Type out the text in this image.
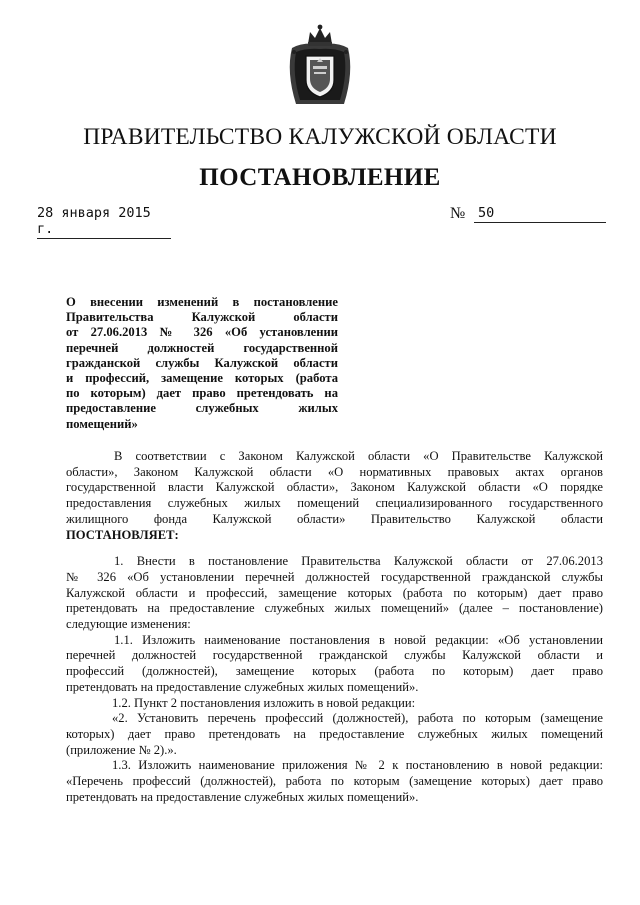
ПРАВИТЕЛЬСТВО КАЛУЖСКОЙ ОБЛАСТИ
ПОСТАНОВЛЕНИЕ
28 января 2015 г.
№ 50
О внесении изменений в постановление
Правительства Калужской области
от 27.06.2013 № 326 «Об установлении
перечней должностей государственной
гражданской службы Калужской области
и профессий, замещение которых (работа
по которым) дает право претендовать на
предоставление служебных жилых
помещений»
В соответствии с Законом Калужской области «О Правительстве Калужской
области», Законом Калужской области «О нормативных правовых актах органов
государственной власти Калужской области», Законом Калужской области «О порядке
предоставления служебных жилых помещений специализированного государственного
жилищного фонда Калужской области» Правительство Калужской области
ПОСТАНОВЛЯЕТ:
1. Внести в постановление Правительства Калужской области от 27.06.2013
№ 326 «Об установлении перечней должностей государственной гражданской службы
Калужской области и профессий, замещение которых (работа по которым) дает право
претендовать на предоставление служебных жилых помещений» (далее – постановление)
следующие изменения:
1.1. Изложить наименование постановления в новой редакции: «Об установлении
перечней должностей государственной гражданской службы Калужской области и
профессий (должностей), замещение которых (работа по которым) дает право
претендовать на предоставление служебных жилых помещений».
1.2. Пункт 2 постановления изложить в новой редакции:
«2. Установить перечень профессий (должностей), работа по которым (замещение
которых) дает право претендовать на предоставление служебных жилых помещений
(приложение № 2).».
1.3. Изложить наименование приложения № 2 к постановлению в новой редакции:
«Перечень профессий (должностей), работа по которым (замещение которых) дает право
претендовать на предоставление служебных жилых помещений».
